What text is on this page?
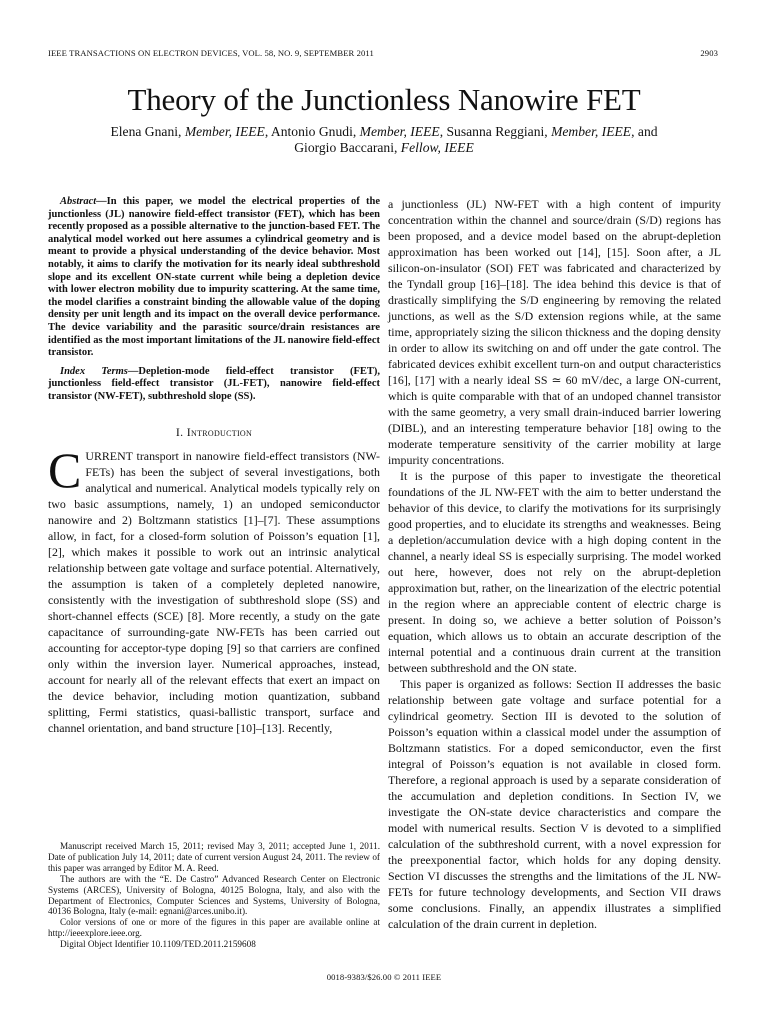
IEEE TRANSACTIONS ON ELECTRON DEVICES, VOL. 58, NO. 9, SEPTEMBER 2011	2903
Theory of the Junctionless Nanowire FET

Elena Gnani, Member, IEEE, Antonio Gnudi, Member, IEEE, Susanna Reggiani, Member, IEEE, and
Giorgio Baccarani, Fellow, IEEE

Abstract—In this paper, we model the electrical properties of the junctionless (JL) nanowire field-effect transistor (FET), which has been recently proposed as a possible alternative to the junction-based FET. The analytical model worked out here assumes a cylindrical geometry and is meant to provide a physical understanding of the device behavior. Most notably, it aims to clarify the motivation for its nearly ideal subthreshold slope and its excellent ON-state current while being a depletion device with lower electron mobility due to impurity scattering. At the same time, the model clarifies a constraint binding the allowable value of the doping density per unit length and its impact on the overall device performance. The device variability and the parasitic source/drain resistances are identified as the most important limitations of the JL nanowire field-effect transistor.

Index Terms—Depletion-mode field-effect transistor (FET), junctionless field-effect transistor (JL-FET), nanowire field-effect transistor (NW-FET), subthreshold slope (SS).

I. Introduction

CURRENT transport in nanowire field-effect transistors (NW-FETs) has been the subject of several investigations, both analytical and numerical. Analytical models typically rely on two basic assumptions, namely, 1) an undoped semiconductor nanowire and 2) Boltzmann statistics [1]–[7]. These assumptions allow, in fact, for a closed-form solution of Poisson’s equation [1], [2], which makes it possible to work out an intrinsic analytical relationship between gate voltage and surface potential. Alternatively, the assumption is taken of a completely depleted nanowire, consistently with the investigation of subthreshold slope (SS) and short-channel effects (SCE) [8]. More recently, a study on the gate capacitance of surrounding-gate NW-FETs has been carried out accounting for acceptor-type doping [9] so that carriers are confined only within the inversion layer. Numerical approaches, instead, account for nearly all of the relevant effects that exert an impact on the device behavior, including motion quantization, subband splitting, Fermi statistics, quasi-ballistic transport, surface and channel orientation, and band structure [10]–[13]. Recently,

a junctionless (JL) NW-FET with a high content of impurity concentration within the channel and source/drain (S/D) regions has been proposed, and a device model based on the abrupt-depletion approximation has been worked out [14], [15]. Soon after, a JL silicon-on-insulator (SOI) FET was fabricated and characterized by the Tyndall group [16]–[18]. The idea behind this device is that of drastically simplifying the S/D engineering by removing the related junctions, as well as the S/D extension regions while, at the same time, appropriately sizing the silicon thickness and the doping density in order to allow its switching on and off under the gate control. The fabricated devices exhibit excellent turn-on and output characteristics [16], [17] with a nearly ideal SS ≃ 60 mV/dec, a large ON-current, which is quite comparable with that of an undoped channel transistor with the same geometry, a very small drain-induced barrier lowering (DIBL), and an interesting temperature behavior [18] owing to the moderate temperature sensitivity of the carrier mobility at large impurity concentrations.

It is the purpose of this paper to investigate the theoretical foundations of the JL NW-FET with the aim to better understand the behavior of this device, to clarify the motivations for its surprisingly good properties, and to elucidate its strengths and weaknesses. Being a depletion/accumulation device with a high doping content in the channel, a nearly ideal SS is especially surprising. The model worked out here, however, does not rely on the abrupt-depletion approximation but, rather, on the linearization of the electric potential in the region where an appreciable content of electric charge is present. In doing so, we achieve a better solution of Poisson’s equation, which allows us to obtain an accurate description of the internal potential and a continuous drain current at the transition between subthreshold and the ON state.

This paper is organized as follows: Section II addresses the basic relationship between gate voltage and surface potential for a cylindrical geometry. Section III is devoted to the solution of Poisson’s equation within a classical model under the assumption of Boltzmann statistics. For a doped semiconductor, even the first integral of Poisson’s equation is not available in closed form. Therefore, a regional approach is used by a separate consideration of the accumulation and depletion conditions. In Section IV, we investigate the ON-state device characteristics and compare the model with numerical results. Section V is devoted to a simplified calculation of the subthreshold current, with a novel expression for the preexponential factor, which holds for any doping density. Section VI discusses the strengths and the limitations of the JL NW-FETs for future technology developments, and Section VII draws some conclusions. Finally, an appendix illustrates a simplified calculation of the drain current in depletion.

Manuscript received March 15, 2011; revised May 3, 2011; accepted June 1, 2011. Date of publication July 14, 2011; date of current version August 24, 2011. The review of this paper was arranged by Editor M. A. Reed.

The authors are with the “E. De Castro” Advanced Research Center on Electronic Systems (ARCES), University of Bologna, 40125 Bologna, Italy, and also with the Department of Electronics, Computer Sciences and Systems, University of Bologna, 40136 Bologna, Italy (e-mail: egnani@arces.unibo.it).

Color versions of one or more of the figures in this paper are available online at http://ieeexplore.ieee.org.

Digital Object Identifier 10.1109/TED.2011.2159608

0018-9383/$26.00 © 2011 IEEE
